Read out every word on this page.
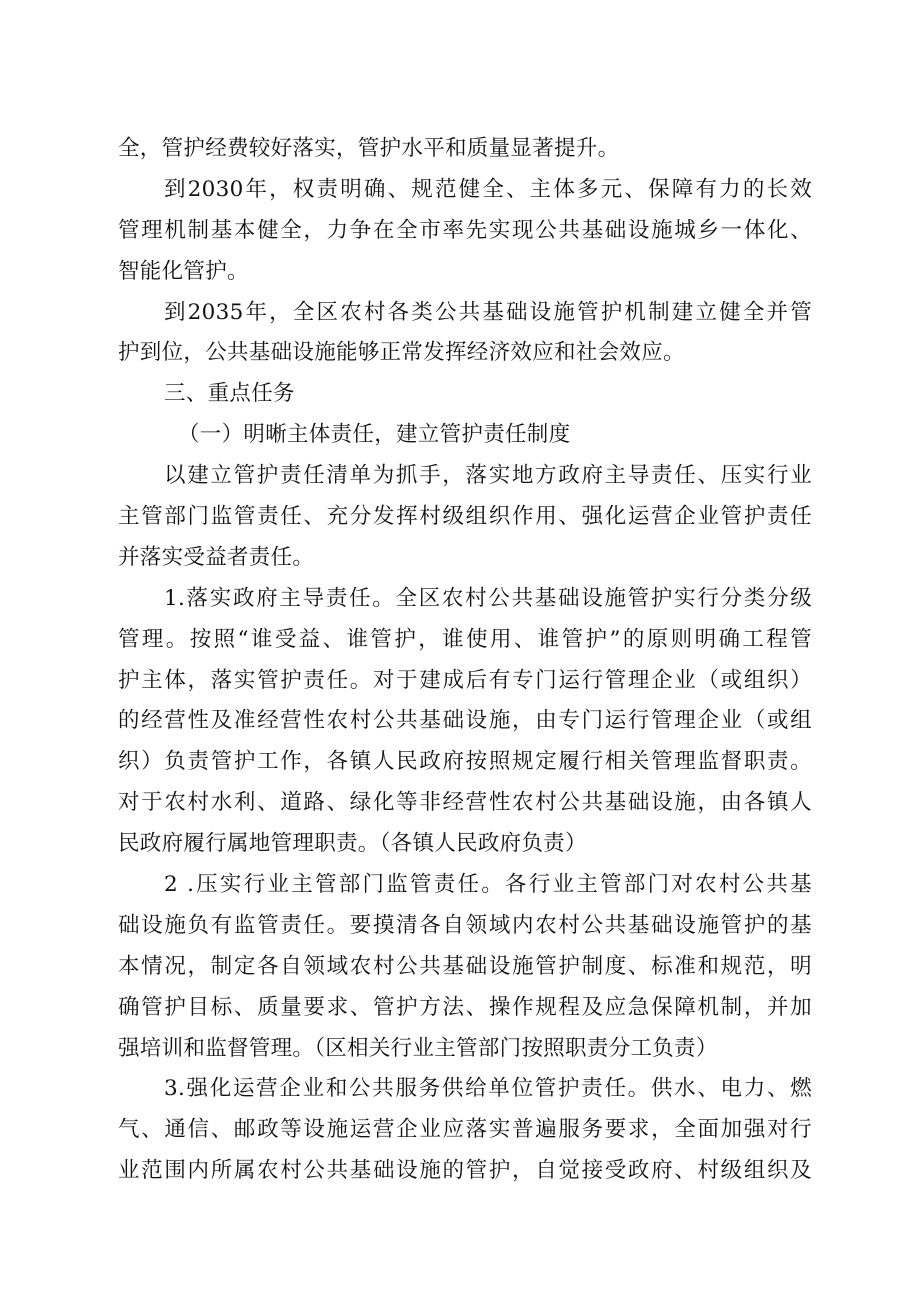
全，管护经费较好落实，管护水平和质量显著提升。
到2030年，权责明确、规范健全、主体多元、保障有力的长效
管理机制基本健全，力争在全市率先实现公共基础设施城乡一体化、
智能化管护。
到2035年，全区农村各类公共基础设施管护机制建立健全并管
护到位，公共基础设施能够正常发挥经济效应和社会效应。
三、重点任务
（一）明晰主体责任，建立管护责任制度
以建立管护责任清单为抓手，落实地方政府主导责任、压实行业
主管部门监管责任、充分发挥村级组织作用、强化运营企业管护责任
并落实受益者责任。
1.落实政府主导责任。全区农村公共基础设施管护实行分类分级
管理。按照“谁受益、谁管护，谁使用、谁管护”的原则明确工程管
护主体，落实管护责任。对于建成后有专门运行管理企业（或组织）
的经营性及准经营性农村公共基础设施，由专门运行管理企业（或组
织）负责管护工作，各镇人民政府按照规定履行相关管理监督职责。
对于农村水利、道路、绿化等非经营性农村公共基础设施，由各镇人
民政府履行属地管理职责。（各镇人民政府负责）
2 .压实行业主管部门监管责任。各行业主管部门对农村公共基
础设施负有监管责任。要摸清各自领域内农村公共基础设施管护的基
本情况，制定各自领域农村公共基础设施管护制度、标准和规范，明
确管护目标、质量要求、管护方法、操作规程及应急保障机制，并加
强培训和监督管理。（区相关行业主管部门按照职责分工负责）
3.强化运营企业和公共服务供给单位管护责任。供水、电力、燃
气、通信、邮政等设施运营企业应落实普遍服务要求，全面加强对行
业范围内所属农村公共基础设施的管护，自觉接受政府、村级组织及
